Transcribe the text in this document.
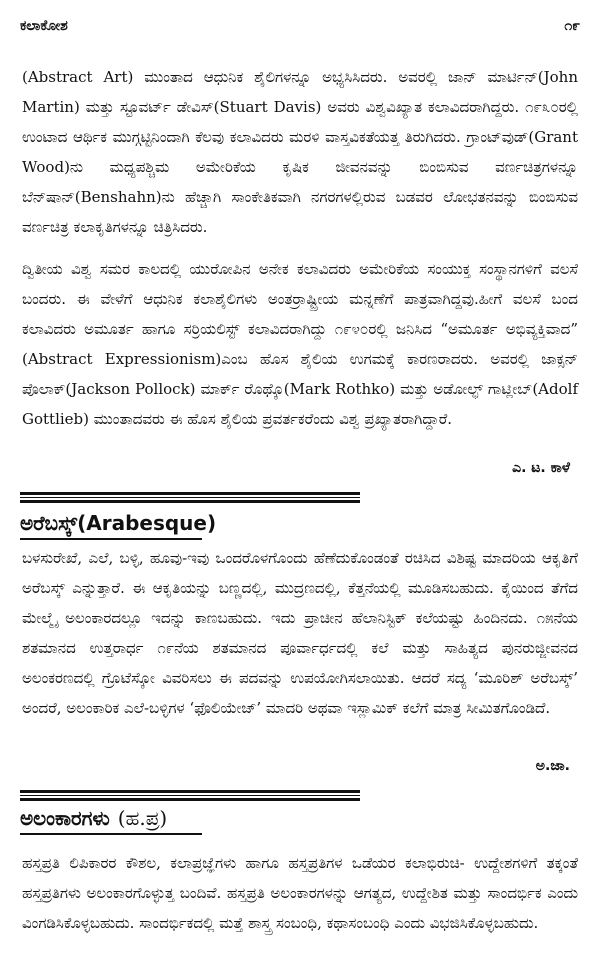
ಕಲಾಕೋಶ	೧೯

(Abstract Art) ಮುಂತಾದ ಆಧುನಿಕ ಶೈಲಿಗಳನ್ನೂ ಅಭ್ಯಸಿಸಿದರು. ಅವರಲ್ಲಿ ಜಾನ್ ಮಾರ್ಟಿನ್(John Martin) ಮತ್ತು ಸ್ಟೂವರ್ಟ್ ಡೇವಿಸ್(Stuart Davis) ಅವರು ವಿಶ್ವವಿಖ್ಯಾತ ಕಲಾವಿದರಾಗಿದ್ದರು. ೧೯೩೦ರಲ್ಲಿ ಉಂಟಾದ ಆರ್ಥಿಕ ಮುಗ್ಗಟ್ಟಿನಿಂದಾಗಿ ಕೆಲವು ಕಲಾವಿದರು ಮರಳಿ ವಾಸ್ತವಿಕತೆಯತ್ತ ತಿರುಗಿದರು. ಗ್ರಾಂಟ್‌ವುಡ್(Grant Wood)ನು ಮಧ್ಯಪಶ್ಚಿಮ ಅಮೇರಿಕೆಯ ಕೃಷಿಕ ಜೀವನವನ್ನು ಬಿಂಬಿಸುವ ವರ್ಣಚಿತ್ರಗಳನ್ನೂ ಬೆನ್‌ಷಾನ್(Benshahn)ನು ಹೆಚ್ಚಾಗಿ ಸಾಂಕೇತಿಕವಾಗಿ ನಗರಗಳಲ್ಲಿರುವ ಬಡವರ ಲೋಭತನವನ್ನು ಬಿಂಬಿಸುವ ವರ್ಣಚಿತ್ರ ಕಲಾಕೃತಿಗಳನ್ನೂ ಚಿತ್ರಿಸಿದರು.

ದ್ವಿತೀಯ ವಿಶ್ವ ಸಮರ ಕಾಲದಲ್ಲಿ ಯುರೋಪಿನ ಅನೇಕ ಕಲಾವಿದರು ಅಮೇರಿಕೆಯ ಸಂಯುಕ್ತ ಸಂಸ್ಥಾನಗಳಿಗೆ ವಲಸೆ ಬಂದರು. ಈ ವೇಳೆಗೆ ಆಧುನಿಕ ಕಲಾಶೈಲಿಗಳು ಅಂತರ್ರಾಷ್ಟ್ರೀಯ ಮನ್ನಣೆಗೆ ಪಾತ್ರವಾಗಿದ್ದವು.ಹೀಗೆ ವಲಸೆ ಬಂದ ಕಲಾವಿದರು ಅಮೂರ್ತ ಹಾಗೂ ಸರ್ರಿಯಲಿಸ್ಟ್ ಕಲಾವಿದರಾಗಿದ್ದು ೧೯೪೦ರಲ್ಲಿ ಜನಿಸಿದ “ಅಮೂರ್ತ ಅಭಿವ್ಯಕ್ತಿವಾದ” (Abstract Expressionism)ಎಂಬ ಹೊಸ ಶೈಲಿಯ ಉಗಮಕ್ಕೆ ಕಾರಣರಾದರು. ಅವರಲ್ಲಿ ಜಾಕ್ಸನ್ ಪೊಲಾಕ್(Jackson Pollock) ಮಾರ್ಕ್ ರೊಥ್ಕೊ(Mark Rothko) ಮತ್ತು ಅಡೋಲ್ಫ್ ಗಾಟ್ಲೀಬ್(Adolf Gottlieb) ಮುಂತಾದವರು ಈ ಹೊಸ ಶೈಲಿಯ ಪ್ರವರ್ತಕರೆಂದು ವಿಶ್ವ ಪ್ರಖ್ಯಾತರಾಗಿದ್ದಾರೆ.

ಎ. ಟ. ಕಾಳೆ
ಅರೆಬಸ್ಕ್(Arabesque)

ಬಳಸುರೇಖೆ, ಎಲೆ, ಬಳ್ಳಿ, ಹೂವು-ಇವು ಒಂದರೊಳಗೊಂದು ಹೆಣೆದುಕೊಂಡಂತೆ ರಚಿಸಿದ ವಿಶಿಷ್ಟ ಮಾದರಿಯ ಆಕೃತಿಗೆ ಅರೆಬಸ್ಕ್ ಎನ್ನುತ್ತಾರೆ. ಈ ಆಕೃತಿಯನ್ನು ಬಣ್ಣದಲ್ಲಿ, ಮುದ್ರಣದಲ್ಲಿ, ಕೆತ್ತನೆಯಲ್ಲಿ ಮೂಡಿಸಬಹುದು. ಕೈಯಿಂದ ತೆಗೆದ ಮೇಲ್ಮೈ ಅಲಂಕಾರದಲ್ಲೂ ಇದನ್ನು ಕಾಣಬಹುದು. ಇದು ಪ್ರಾಚೀನ ಹೆಲಾನಿಸ್ಟಿಕ್ ಕಲೆಯಷ್ಟು ಹಿಂದಿನದು. ೧೫ನೆಯ ಶತಮಾನದ ಉತ್ತರಾರ್ಧ ೧೯ನೆಯ ಶತಮಾನದ ಪೂರ್ವಾರ್ಧದಲ್ಲಿ ಕಲೆ ಮತ್ತು ಸಾಹಿತ್ಯದ ಪುನರುಜ್ಜೀವನದ ಅಲಂಕರಣದಲ್ಲಿ ಗ್ರೊಟೆಸ್ಕೋ ವಿವರಿಸಲು ಈ ಪದವನ್ನು ಉಪಯೋಗಿಸಲಾಯಿತು. ಆದರೆ ಸದ್ಯ ‘ಮೂರಿಶ್ ಅರೆಬಸ್ಕ್’ ಅಂದರೆ, ಅಲಂಕಾರಿಕ ಎಲೆ-ಬಳ್ಳಿಗಳ ‘ಫೊಲಿಯೇಜ್’ ಮಾದರಿ ಅಥವಾ ಇಸ್ಲಾಮಿಕ್ ಕಲೆಗೆ ಮಾತ್ರ ಸೀಮಿತಗೊಂಡಿದೆ.

ಅ.ಜಾ.
ಅಲಂಕಾರಗಳು (ಹ.ಪ್ರ)

ಹಸ್ತಪ್ರತಿ ಲಿಪಿಕಾರರ ಕೌಶಲ, ಕಲಾಪ್ರಜ್ಞೆಗಳು ಹಾಗೂ ಹಸ್ತಪ್ರತಿಗಳ ಒಡೆಯರ ಕಲಾಭಿರುಚಿ- ಉದ್ದೇಶಗಳಿಗೆ ತಕ್ಕಂತೆ ಹಸ್ತಪ್ರತಿಗಳು ಅಲಂಕಾರಗೊಳ್ಳುತ್ತ ಬಂದಿವೆ. ಹಸ್ತಪ್ರತಿ ಅಲಂಕಾರಗಳನ್ನು ಆಗತ್ಯದ, ಉದ್ದೇಶಿತ ಮತ್ತು ಸಾಂದರ್ಭಿಕ ಎಂದು ವಿಂಗಡಿಸಿಕೊಳ್ಳಬಹುದು. ಸಾಂದರ್ಭಿಕದಲ್ಲಿ ಮತ್ತೆ ಶಾಸ್ತ್ರ ಸಂಬಂಧಿ, ಕಥಾಸಂಬಂಧಿ ಎಂದು ವಿಭಜಿಸಿಕೊಳ್ಳಬಹುದು.
